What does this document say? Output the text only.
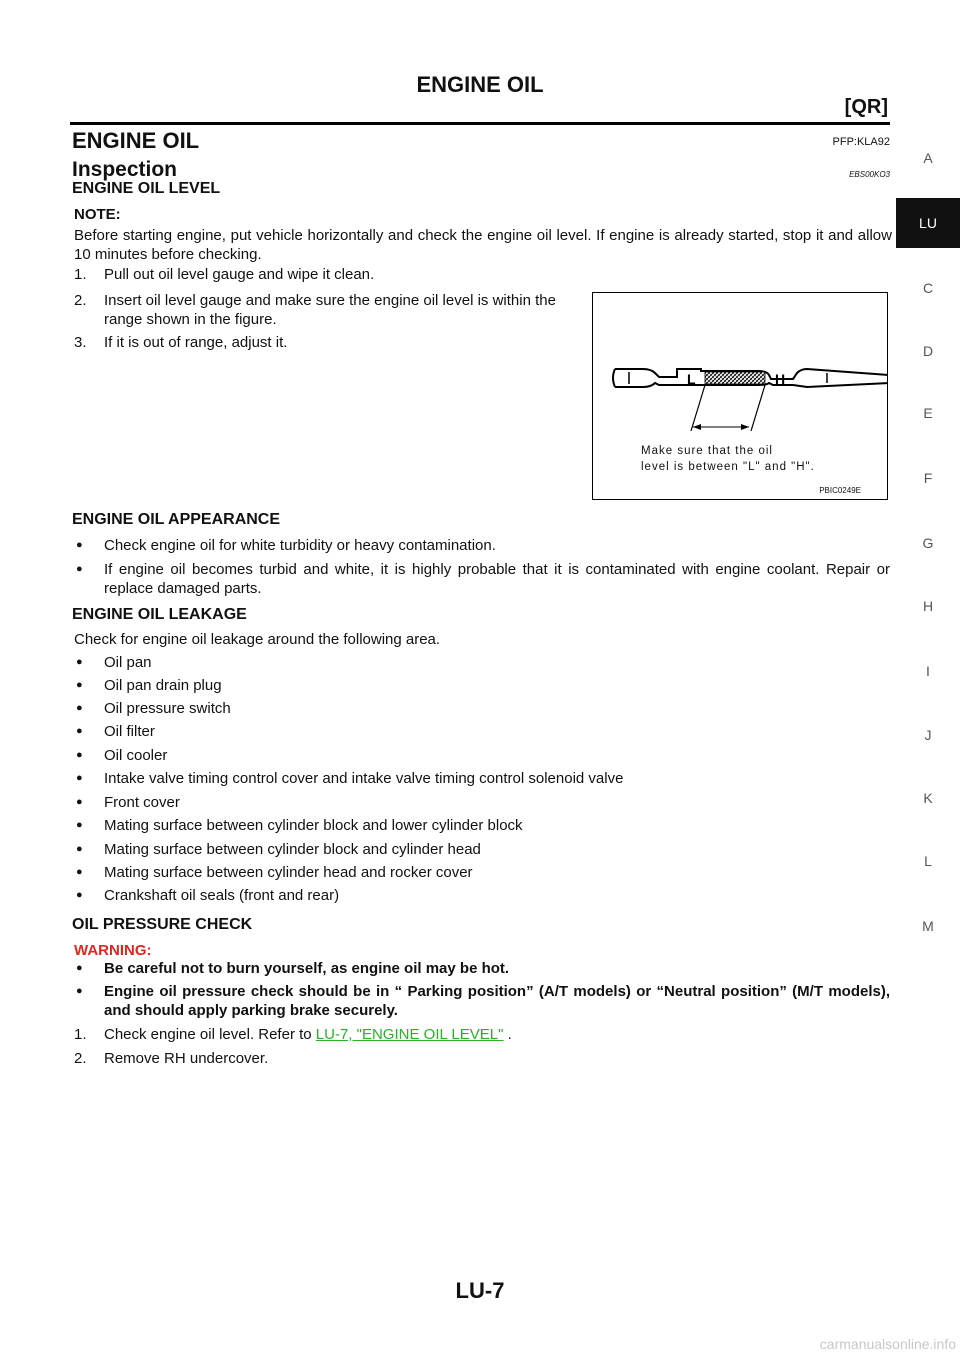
ENGINE OIL
[QR]
ENGINE OIL	PFP:KLA92
Inspection	EBS00KO3
ENGINE OIL LEVEL
NOTE:
Before starting engine, put vehicle horizontally and check the engine oil level. If engine is already started, stop it and allow 10 minutes before checking.
1. Pull out oil level gauge and wipe it clean.
2. Insert oil level gauge and make sure the engine oil level is within the range shown in the figure.
3. If it is out of range, adjust it.
L	H
Make sure that the oil
level is between "L" and "H".
PBIC0249E
ENGINE OIL APPEARANCE
● Check engine oil for white turbidity or heavy contamination.
● If engine oil becomes turbid and white, it is highly probable that it is contaminated with engine coolant. Repair or replace damaged parts.
ENGINE OIL LEAKAGE
Check for engine oil leakage around the following area.
● Oil pan
● Oil pan drain plug
● Oil pressure switch
● Oil filter
● Oil cooler
● Intake valve timing control cover and intake valve timing control solenoid valve
● Front cover
● Mating surface between cylinder block and lower cylinder block
● Mating surface between cylinder block and cylinder head
● Mating surface between cylinder head and rocker cover
● Crankshaft oil seals (front and rear)
OIL PRESSURE CHECK
WARNING:
● Be careful not to burn yourself, as engine oil may be hot.
● Engine oil pressure check should be in “ Parking position” (A/T models) or “Neutral position” (M/T models), and should apply parking brake securely.
1. Check engine oil level. Refer to LU-7, "ENGINE OIL LEVEL" .
2. Remove RH undercover.
A
LU
C
D
E
F
G
H
I
J
K
L
M
LU-7
carmanualsonline.info
